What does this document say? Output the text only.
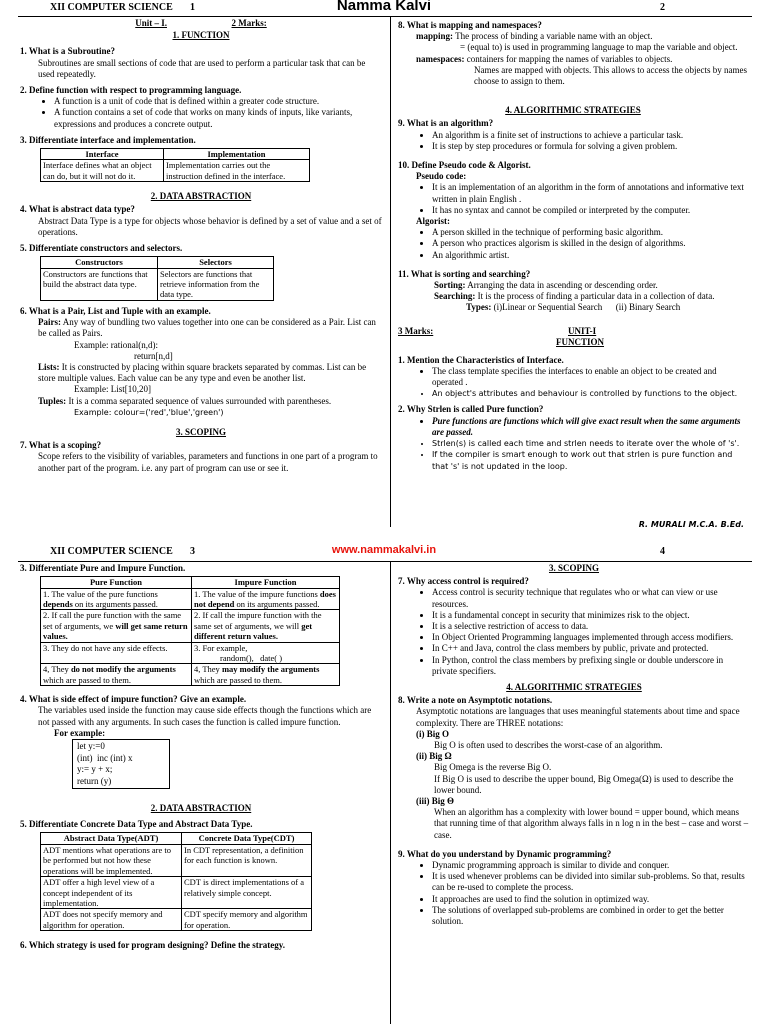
XII COMPUTER SCIENCE 1	Namma Kalvi	2

Unit – I.	2 Marks:

1. FUNCTION

1. What is a Subroutine?

Subroutines are small sections of code that are used to perform a particular task that can be used repeatedly.

2. Define function with respect to programming language.

• A function is a unit of code that is defined within a greater code structure.
• A function contains a set of code that works on many kinds of inputs, like variants, expressions and produces a concrete output.

3. Differentiate interface and implementation.

Interface	Implementation
Interface defines what an object can do, but it will not do it.	Implementation carries out the instruction defined in the interface.

2. DATA ABSTRACTION

4. What is abstract data type?

Abstract Data Type is a type for objects whose behavior is defined by a set of value and a set of operations.

5. Differentiate constructors and selectors.

Constructors	Selectors
Constructors are functions that build the abstract data type.	Selectors are functions that retrieve information from the data type.

6. What is a Pair, List and Tuple with an example.

Pairs: Any way of bundling two values together into one can be considered as a Pair. List can be called as Pairs.

Example: rational(n,d):

return[n,d]

Lists: It is constructed by placing within square brackets separated by commas. List can be store multiple values. Each value can be any type and even be another list.

Example: List[10,20]

Tuples: It is a comma separated sequence of values surrounded with parentheses.

Example: colour=('red','blue','green')

3. SCOPING

7. What is a scoping?

Scope refers to the visibility of variables, parameters and functions in one part of a program to another part of the program. i.e. any part of program can use or see it.

8. What is mapping and namespaces?

mapping: The process of binding a variable name with an object.

= (equal to) is used in programming language to map the variable and object.

namespaces: containers for mapping the names of variables to objects.

Names are mapped with objects. This allows to access the objects by names choose to assign to them.

4. ALGORITHMIC STRATEGIES

9. What is an algorithm?

• An algorithm is a finite set of instructions to achieve a particular task.
• It is step by step procedures or formula for solving a given problem.

10. Define Pseudo code & Algorist.

Pseudo code:

• It is an implementation of an algorithm in the form of annotations and informative text written in plain English .
• It has no syntax and cannot be compiled or interpreted by the computer.

Algorist:

• A person skilled in the technique of performing basic algorithm.
• A person who practices algorism is skilled in the design of algorithms.
• An algorithmic artist.

11. What is sorting and searching?

Sorting: Arranging the data in ascending or descending order.

Searching: It is the process of finding a particular data in a collection of data.

Types: (i)Linear or Sequential Search      (ii) Binary Search

3 Marks:	UNIT-I
FUNCTION

1. Mention the Characteristics of Interface.

• The class template specifies the interfaces to enable an object to be created and operated .
• An object's attributes and behaviour is controlled by functions to the object.

2. Why Strlen is called Pure function?

• Pure functions are functions which will give exact result when the same arguments are passed.
• Strlen(s) is called each time and strlen needs to iterate over the whole of 's'.
• If the compiler is smart enough to work out that strlen is pure function and that 's' is not updated in the loop.
R. MURALI M.C.A. B.Ed.
XII COMPUTER SCIENCE 3	www.nammakalvi.in	4

3. Differentiate Pure and Impure Function.

Pure Function	Impure Function
1. The value of the pure functions depends on its arguments passed.	1. The value of the impure functions does not depend on its arguments passed.
2. If call the pure function with the same set of arguments, we will get same return values.	2. If call the impure function with the same set of arguments, we will get different return values.
3. They do not have any side effects.	3. For example,
random(),   date( )
4, They do not modify the arguments which are passed to them.	4, They may modify the arguments which are passed to them.

4. What is side effect of impure function? Give an example.

The variables used inside the function may cause side effects though the functions which are not passed with any arguments. In such cases the function is called impure function.

For example:

let y:=0

(int)  inc (int) x

y:= y + x;

return (y)

2. DATA ABSTRACTION

5. Differentiate Concrete Data Type and Abstract Data Type.

Abstract Data Type(ADT)	Concrete Data Type(CDT)
ADT mentions what operations are to be performed but not how these operations will be implemented.	In CDT representation, a definition for each function is known.
ADT offer a high level view of a concept independent of its implementation.	CDT is direct implementations of a relatively simple concept.
ADT does not specify memory and algorithm for operation.	CDT specify memory and algorithm for operation.

6. Which strategy is used for program designing? Define the strategy.

3. SCOPING

7. Why access control is required?

• Access control is security technique that regulates who or what can view or use resources.
• It is a fundamental concept in security that minimizes risk to the object.
• It is a selective restriction of access to data.
• In Object Oriented Programming languages implemented through access modifiers.
• In C++ and Java, control the class members by public, private and protected.
• In Python, control the class members by prefixing single or double underscore in private specifiers.

4. ALGORITHMIC STRATEGIES

8. Write a note on Asymptotic notations.

Asymptotic notations are languages that uses meaningful statements about time and space complexity. There are THREE notations:

(i) Big O

Big O is often used to describes the worst-case of an algorithm.

(ii) Big Ω

Big Omega is the reverse Big O.

If Big O is used to describe the upper bound, Big Omega(Ω) is used to describe the lower bound.

(iii) Big Θ

When an algorithm has a complexity with lower bound = upper bound, which means that running time of that algorithm always falls in n log n in the best – case and worst – case.

9. What do you understand by Dynamic programming?

• Dynamic programming approach is similar to divide and conquer.
• It is used whenever problems can be divided into similar sub-problems. So that, results can be re-used to complete the process.
• It approaches are used to find the solution in optimized way.
• The solutions of overlapped sub-problems are combined in order to get the better solution.
